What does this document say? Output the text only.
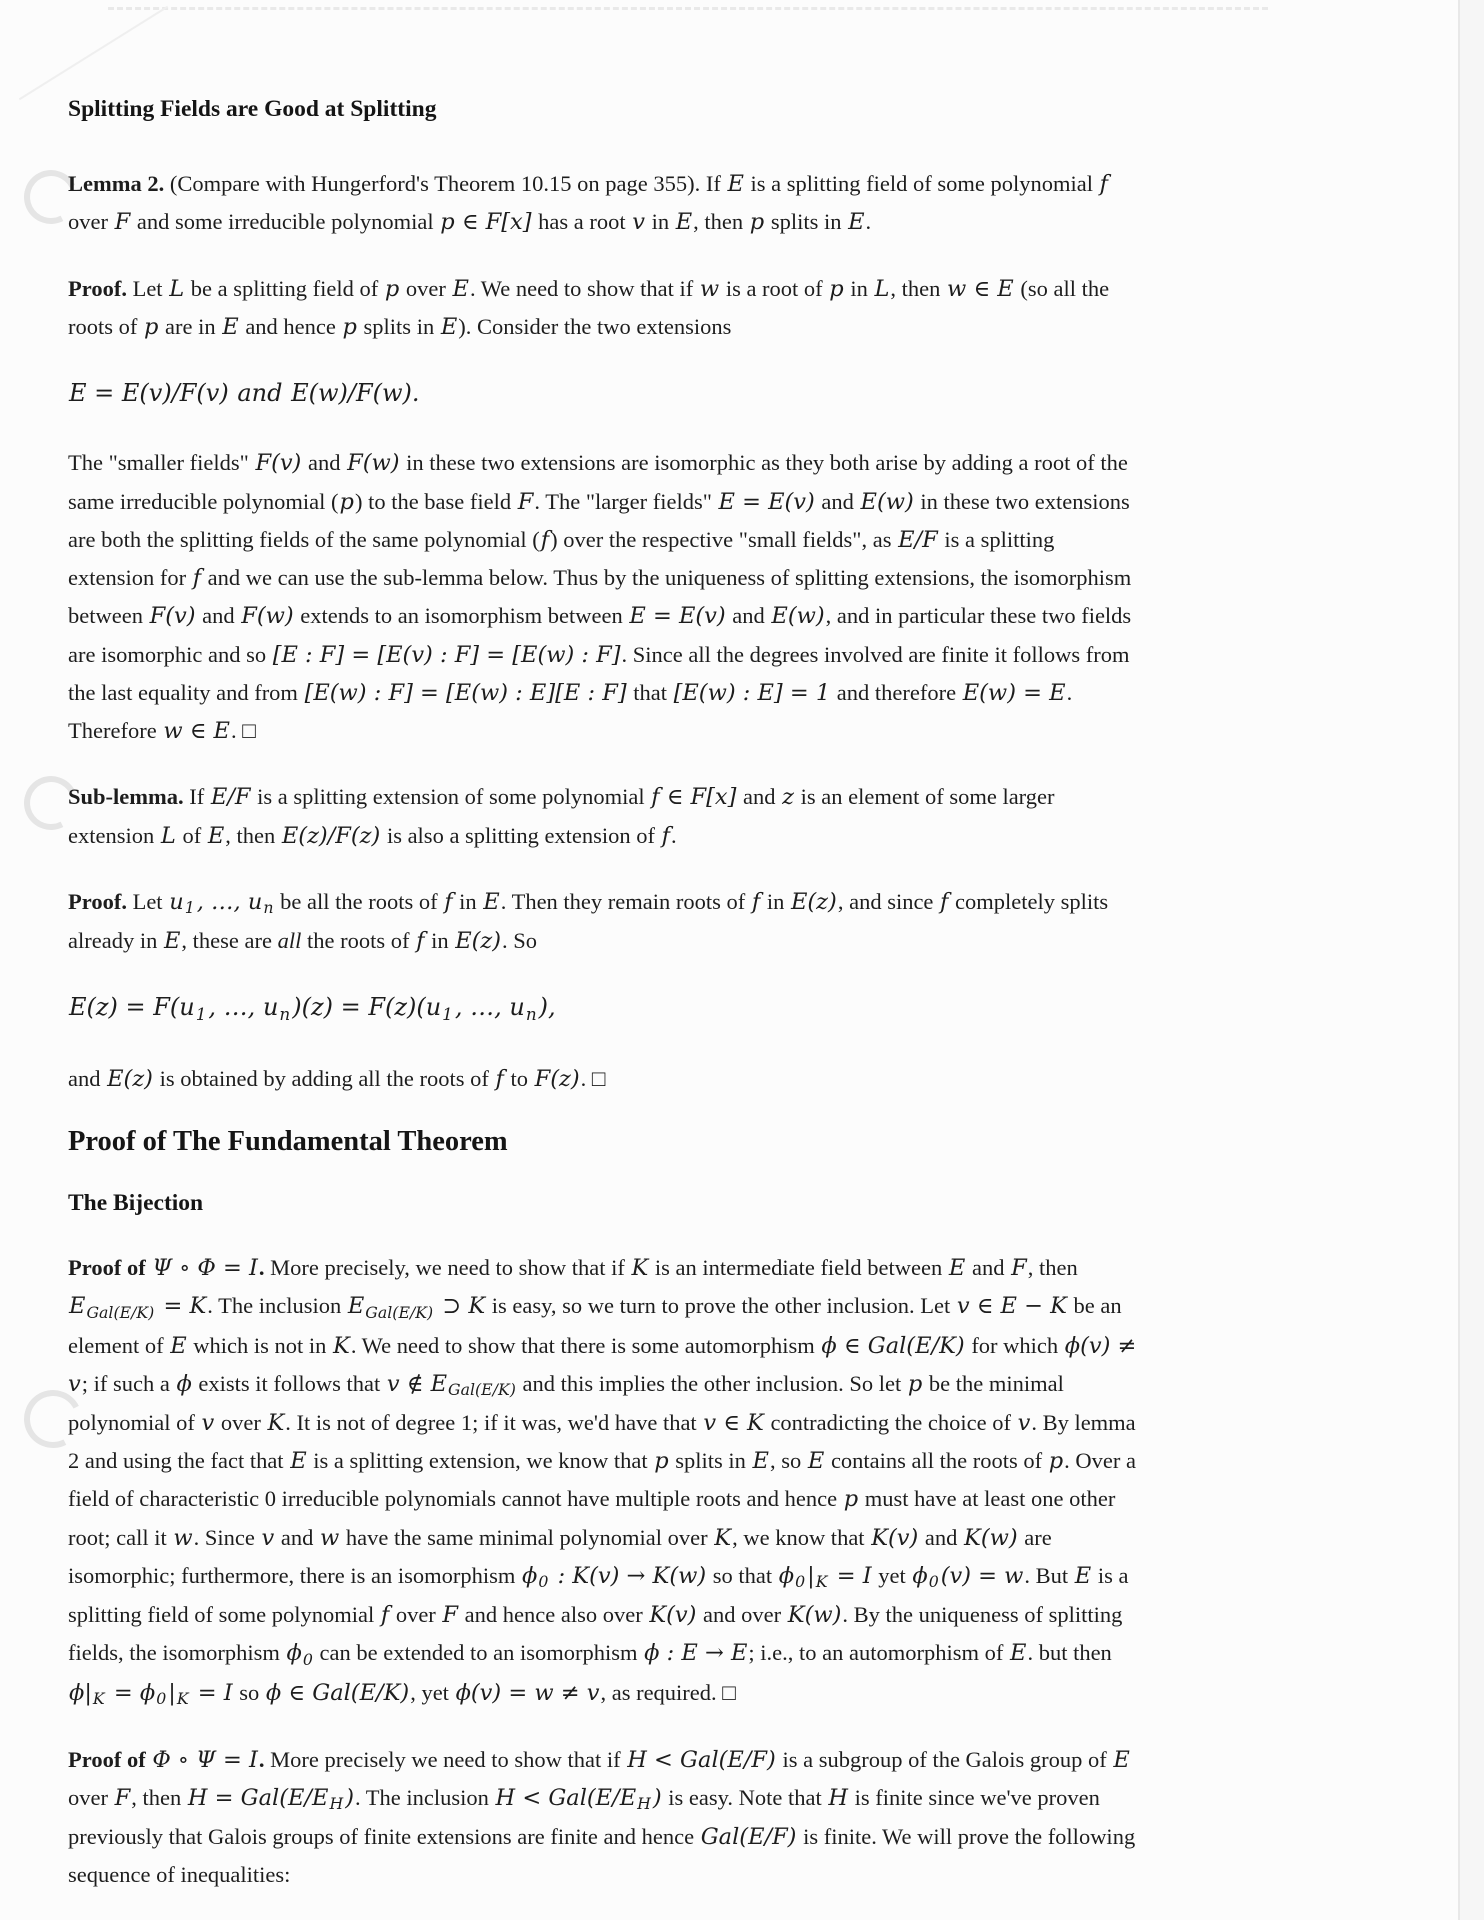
Splitting Fields are Good at Splitting

Lemma 2. (Compare with Hungerford's Theorem 10.15 on page 355). If E is a splitting field of some polynomial f over F and some irreducible polynomial p ∈ F[x] has a root v in E, then p splits in E.

Proof. Let L be a splitting field of p over E. We need to show that if w is a root of p in L, then w ∈ E (so all the roots of p are in E and hence p splits in E). Consider the two extensions

E = E(v)/F(v) and E(w)/F(w).

The "smaller fields" F(v) and F(w) in these two extensions are isomorphic as they both arise by adding a root of the same irreducible polynomial (p) to the base field F. The "larger fields" E = E(v) and E(w) in these two extensions are both the splitting fields of the same polynomial (f) over the respective "small fields", as E/F is a splitting extension for f and we can use the sub-lemma below. Thus by the uniqueness of splitting extensions, the isomorphism between F(v) and F(w) extends to an isomorphism between E = E(v) and E(w), and in particular these two fields are isomorphic and so [E : F] = [E(v) : F] = [E(w) : F]. Since all the degrees involved are finite it follows from the last equality and from [E(w) : F] = [E(w) : E][E : F] that [E(w) : E] = 1 and therefore E(w) = E. Therefore w ∈ E. □

Sub-lemma. If E/F is a splitting extension of some polynomial f ∈ F[x] and z is an element of some larger extension L of E, then E(z)/F(z) is also a splitting extension of f.

Proof. Let u1, …, un be all the roots of f in E. Then they remain roots of f in E(z), and since f completely splits already in E, these are all the roots of f in E(z). So

E(z) = F(u1, …, un)(z) = F(z)(u1, …, un),

and E(z) is obtained by adding all the roots of f to F(z). □

Proof of The Fundamental Theorem
The Bijection

Proof of Ψ ∘ Φ = I. More precisely, we need to show that if K is an intermediate field between E and F, then EGal(E/K) = K. The inclusion EGal(E/K) ⊃ K is easy, so we turn to prove the other inclusion. Let v ∈ E − K be an element of E which is not in K. We need to show that there is some automorphism ϕ ∈ Gal(E/K) for which ϕ(v) ≠ v; if such a ϕ exists it follows that v ∉ EGal(E/K) and this implies the other inclusion. So let p be the minimal polynomial of v over K. It is not of degree 1; if it was, we'd have that v ∈ K contradicting the choice of v. By lemma 2 and using the fact that E is a splitting extension, we know that p splits in E, so E contains all the roots of p. Over a field of characteristic 0 irreducible polynomials cannot have multiple roots and hence p must have at least one other root; call it w. Since v and w have the same minimal polynomial over K, we know that K(v) and K(w) are isomorphic; furthermore, there is an isomorphism ϕ0 : K(v) → K(w) so that ϕ0|K = I yet ϕ0(v) = w. But E is a splitting field of some polynomial f over F and hence also over K(v) and over K(w). By the uniqueness of splitting fields, the isomorphism ϕ0 can be extended to an isomorphism ϕ : E → E; i.e., to an automorphism of E. but then ϕ|K = ϕ0|K = I so ϕ ∈ Gal(E/K), yet ϕ(v) = w ≠ v, as required. □

Proof of Φ ∘ Ψ = I. More precisely we need to show that if H < Gal(E/F) is a subgroup of the Galois group of E over F, then H = Gal(E/EH). The inclusion H < Gal(E/EH) is easy. Note that H is finite since we've proven previously that Galois groups of finite extensions are finite and hence Gal(E/F) is finite. We will prove the following sequence of inequalities:
